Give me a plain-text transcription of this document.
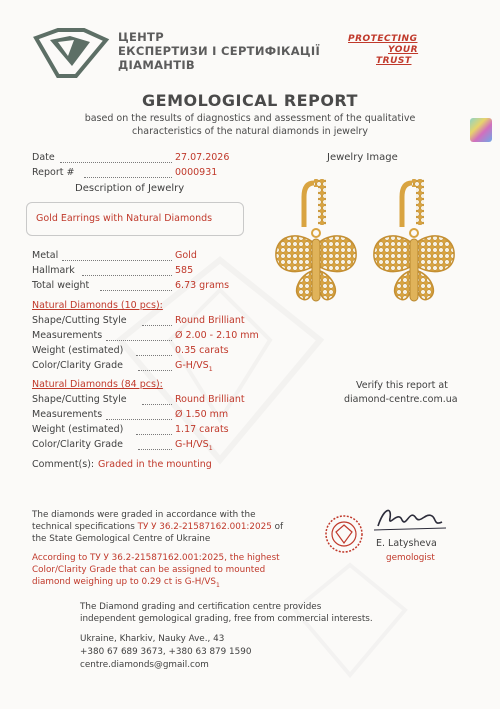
ЦЕНТР
ЕКСПЕРТИЗИ І СЕРТИФІКАЦІЇ
ДІАМАНТІВ
PROTECTING
YOUR
TRUST
GEMOLOGICAL REPORT
based on the results of diagnostics and assessment of the qualitative
characteristics of the natural diamonds in jewelry
Date	27.07.2026
Report #	0000931
Description of Jewelry
Gold Earrings with Natural Diamonds
Jewelry Image
Metal	Gold
Hallmark	585
Total weight	6.73 grams
Natural Diamonds (10 pcs):
Shape/Cutting Style	Round Brilliant
Measurements	Ø 2.00 - 2.10 mm
Weight (estimated)	0.35 carats
Color/Clarity Grade	$G-H/VS_1$
Natural Diamonds (84 pcs):
Shape/Cutting Style	Round Brilliant
Measurements	Ø 1.50 mm
Weight (estimated)	1.17 carats
Color/Clarity Grade	$G-H/VS_1$
Comment(s): Graded in the mounting
Verify this report at
diamond-centre.com.ua
The diamonds were graded in accordance with the
technical specifications ТУ У 36.2-21587162.001:2025 of
the State Gemological Centre of Ukraine
According to ТУ У 36.2-21587162.001:2025, the highest
Color/Clarity Grade that can be assigned to mounted
diamond weighing up to 0.29 ct is $G-H/VS_1$
The Diamond grading and certification centre provides
independent gemological grading, free from commercial interests.
Ukraine, Kharkiv, Nauky Ave., 43
+380 67 689 3673, +380 63 879 1590
centre.diamonds@gmail.com
E. Latysheva
gemologist
